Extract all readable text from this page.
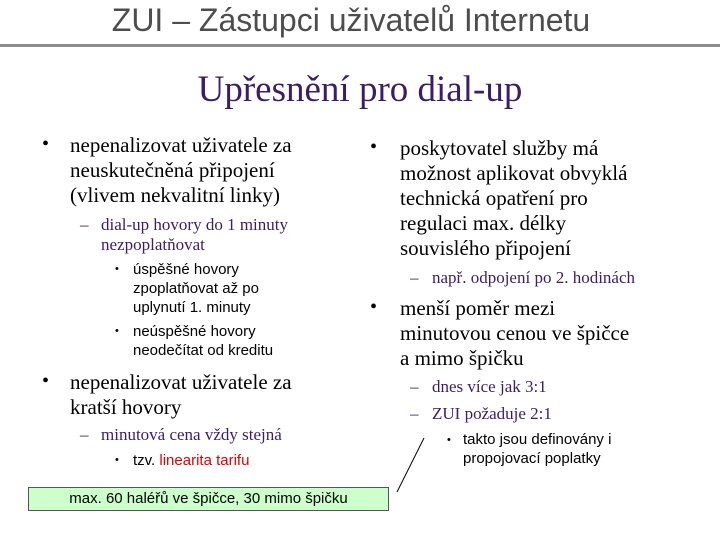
ZUI – Zástupci uživatelů Internetu
Upřesnění pro dial-up
• nepenalizovat uživatele za
neuskutečněná připojení
(vlivem nekvalitní linky)
– dial-up hovory do 1 minuty
nezpoplatňovat
• úspěšné hovory
zpoplatňovat až po
uplynutí 1. minuty
• neúspěšné hovory
neodečítat od kreditu
• nepenalizovat uživatele za
kratší hovory
– minutová cena vždy stejná
• tzv. linearita tarifu
• poskytovatel služby má
možnost aplikovat obvyklá
technická opatření pro
regulaci max. délky
souvislého připojení
– např. odpojení po 2. hodinách
• menší poměr mezi
minutovou cenou ve špičce
a mimo špičku
– dnes více jak 3:1
– ZUI požaduje 2:1
• takto jsou definovány i
propojovací poplatky
max. 60 haléřů ve špičce, 30 mimo špičku
